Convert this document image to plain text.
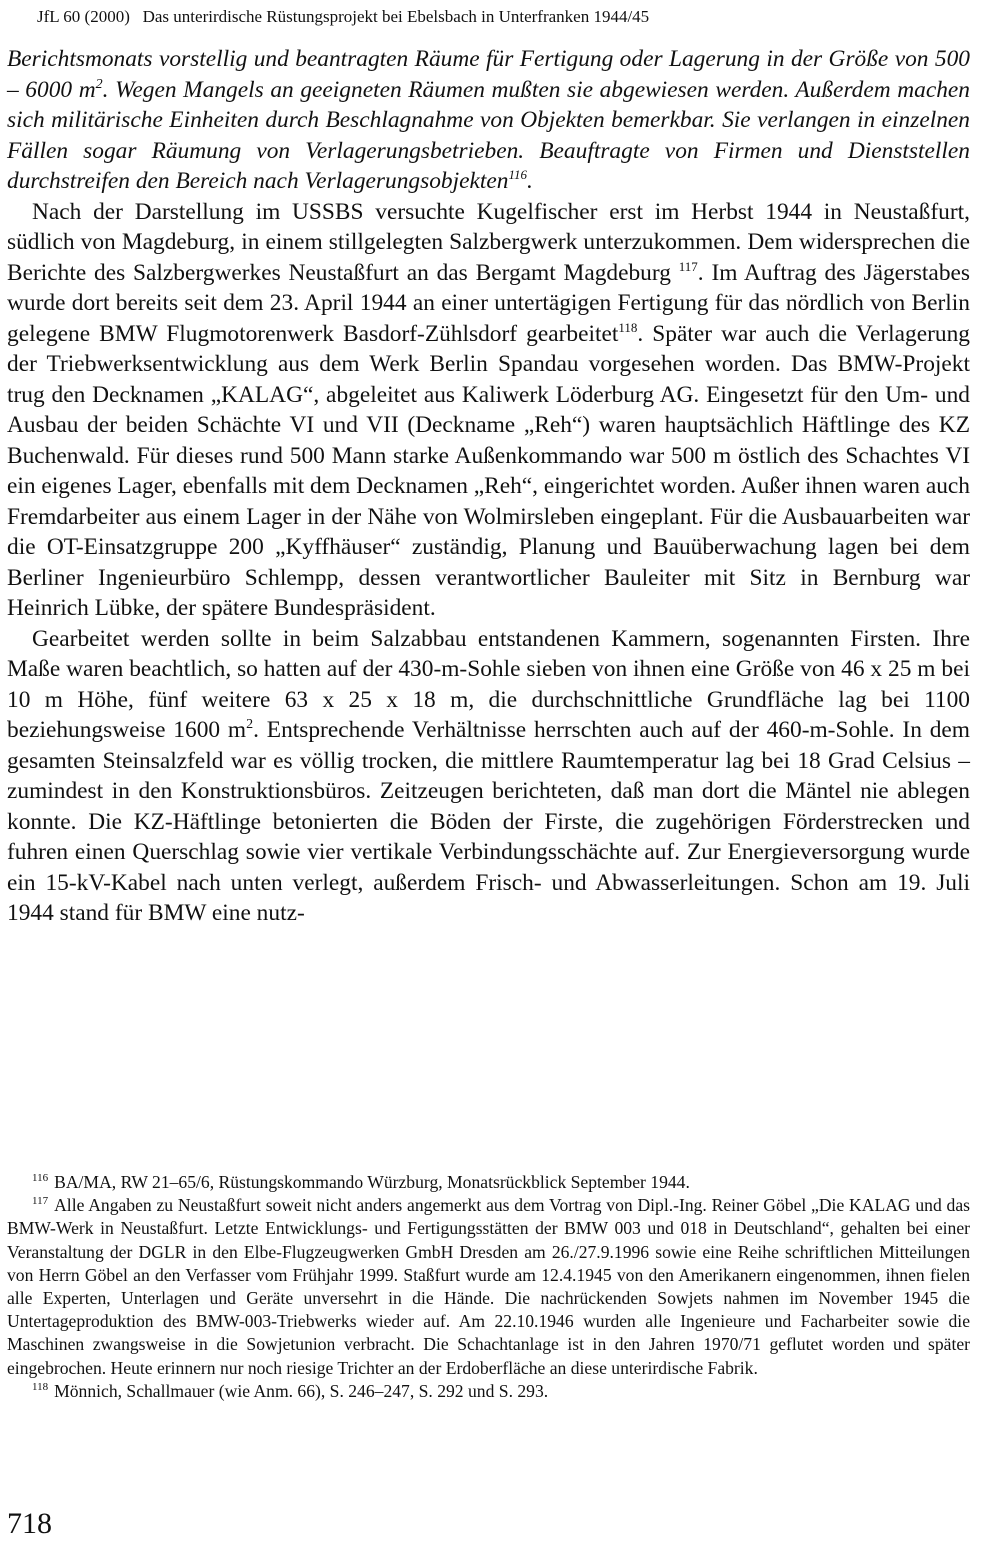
JfL 60 (2000) Das unterirdische Rüstungsprojekt bei Ebelsbach in Unterfranken 1944/45

Berichtsmonats vorstellig und beantragten Räume für Fertigung oder Lagerung in der Größe von 500 – 6000 $m^2$. Wegen Mangels an geeigneten Räumen mußten sie abgewiesen werden. Außerdem machen sich militärische Einheiten durch Beschlagnahme von Objekten bemerkbar. Sie verlangen in einzelnen Fällen sogar Räumung von Verlagerungsbetrieben. Beauftragte von Firmen und Dienststellen durchstreifen den Bereich nach Verlagerungsobjekten$^{116}$.

Nach der Darstellung im USSBS versuchte Kugelfischer erst im Herbst 1944 in Neustaßfurt, südlich von Magdeburg, in einem stillgelegten Salzbergwerk unterzukommen. Dem widersprechen die Berichte des Salzbergwerkes Neustaßfurt an das Bergamt Magdeburg $^{117}$. Im Auftrag des Jägerstabes wurde dort bereits seit dem 23. April 1944 an einer untertägigen Fertigung für das nördlich von Berlin gelegene BMW Flugmotorenwerk Basdorf-Zühlsdorf gearbeitet$^{118}$. Später war auch die Verlagerung der Triebwerksentwicklung aus dem Werk Berlin Spandau vorgesehen worden. Das BMW-Projekt trug den Decknamen „KALAG“, abgeleitet aus Kaliwerk Löderburg AG. Eingesetzt für den Um- und Ausbau der beiden Schächte VI und VII (Deckname „Reh“) waren hauptsächlich Häftlinge des KZ Buchenwald. Für dieses rund 500 Mann starke Außenkommando war 500 m östlich des Schachtes VI ein eigenes Lager, ebenfalls mit dem Decknamen „Reh“, eingerichtet worden. Außer ihnen waren auch Fremdarbeiter aus einem Lager in der Nähe von Wolmirsleben eingeplant. Für die Ausbauarbeiten war die OT-Einsatzgruppe 200 „Kyffhäuser“ zuständig, Planung und Bauüberwachung lagen bei dem Berliner Ingenieurbüro Schlempp, dessen verantwortlicher Bauleiter mit Sitz in Bernburg war Heinrich Lübke, der spätere Bundespräsident.

Gearbeitet werden sollte in beim Salzabbau entstandenen Kammern, sogenannten Firsten. Ihre Maße waren beachtlich, so hatten auf der 430-m-Sohle sieben von ihnen eine Größe von 46 x 25 m bei 10 m Höhe, fünf weitere 63 x 25 x 18 m, die durchschnittliche Grundfläche lag bei 1100 beziehungsweise 1600 $m^2$. Entsprechende Verhältnisse herrschten auch auf der 460-m-Sohle. In dem gesamten Steinsalzfeld war es völlig trocken, die mittlere Raumtemperatur lag bei 18 Grad Celsius – zumindest in den Konstruktionsbüros. Zeitzeugen berichteten, daß man dort die Mäntel nie ablegen konnte. Die KZ-Häftlinge betonierten die Böden der Firste, die zugehörigen Förderstrecken und fuhren einen Querschlag sowie vier vertikale Verbindungsschächte auf. Zur Energieversorgung wurde ein 15-kV-Kabel nach unten verlegt, außerdem Frisch- und Abwasserleitungen. Schon am 19. Juli 1944 stand für BMW eine nutz-

$^{116}$ BA/MA, RW 21–65/6, Rüstungskommando Würzburg, Monatsrückblick September 1944.

$^{117}$ Alle Angaben zu Neustaßfurt soweit nicht anders angemerkt aus dem Vortrag von Dipl.-Ing. Reiner Göbel „Die KALAG und das BMW-Werk in Neustaßfurt. Letzte Entwicklungs- und Fertigungsstätten der BMW 003 und 018 in Deutschland“, gehalten bei einer Veranstaltung der DGLR in den Elbe-Flugzeugwerken GmbH Dresden am 26./27.9.1996 sowie eine Reihe schriftlichen Mitteilungen von Herrn Göbel an den Verfasser vom Frühjahr 1999. Staßfurt wurde am 12.4.1945 von den Amerikanern eingenommen, ihnen fielen alle Experten, Unterlagen und Geräte unversehrt in die Hände. Die nachrückenden Sowjets nahmen im November 1945 die Untertageproduktion des BMW-003-Triebwerks wieder auf. Am 22.10.1946 wurden alle Ingenieure und Facharbeiter sowie die Maschinen zwangsweise in die Sowjetunion verbracht. Die Schachtanlage ist in den Jahren 1970/71 geflutet worden und später eingebrochen. Heute erinnern nur noch riesige Trichter an der Erdoberfläche an diese unterirdische Fabrik.

$^{118}$ Mönnich, Schallmauer (wie Anm. 66), S. 246–247, S. 292 und S. 293.

718
